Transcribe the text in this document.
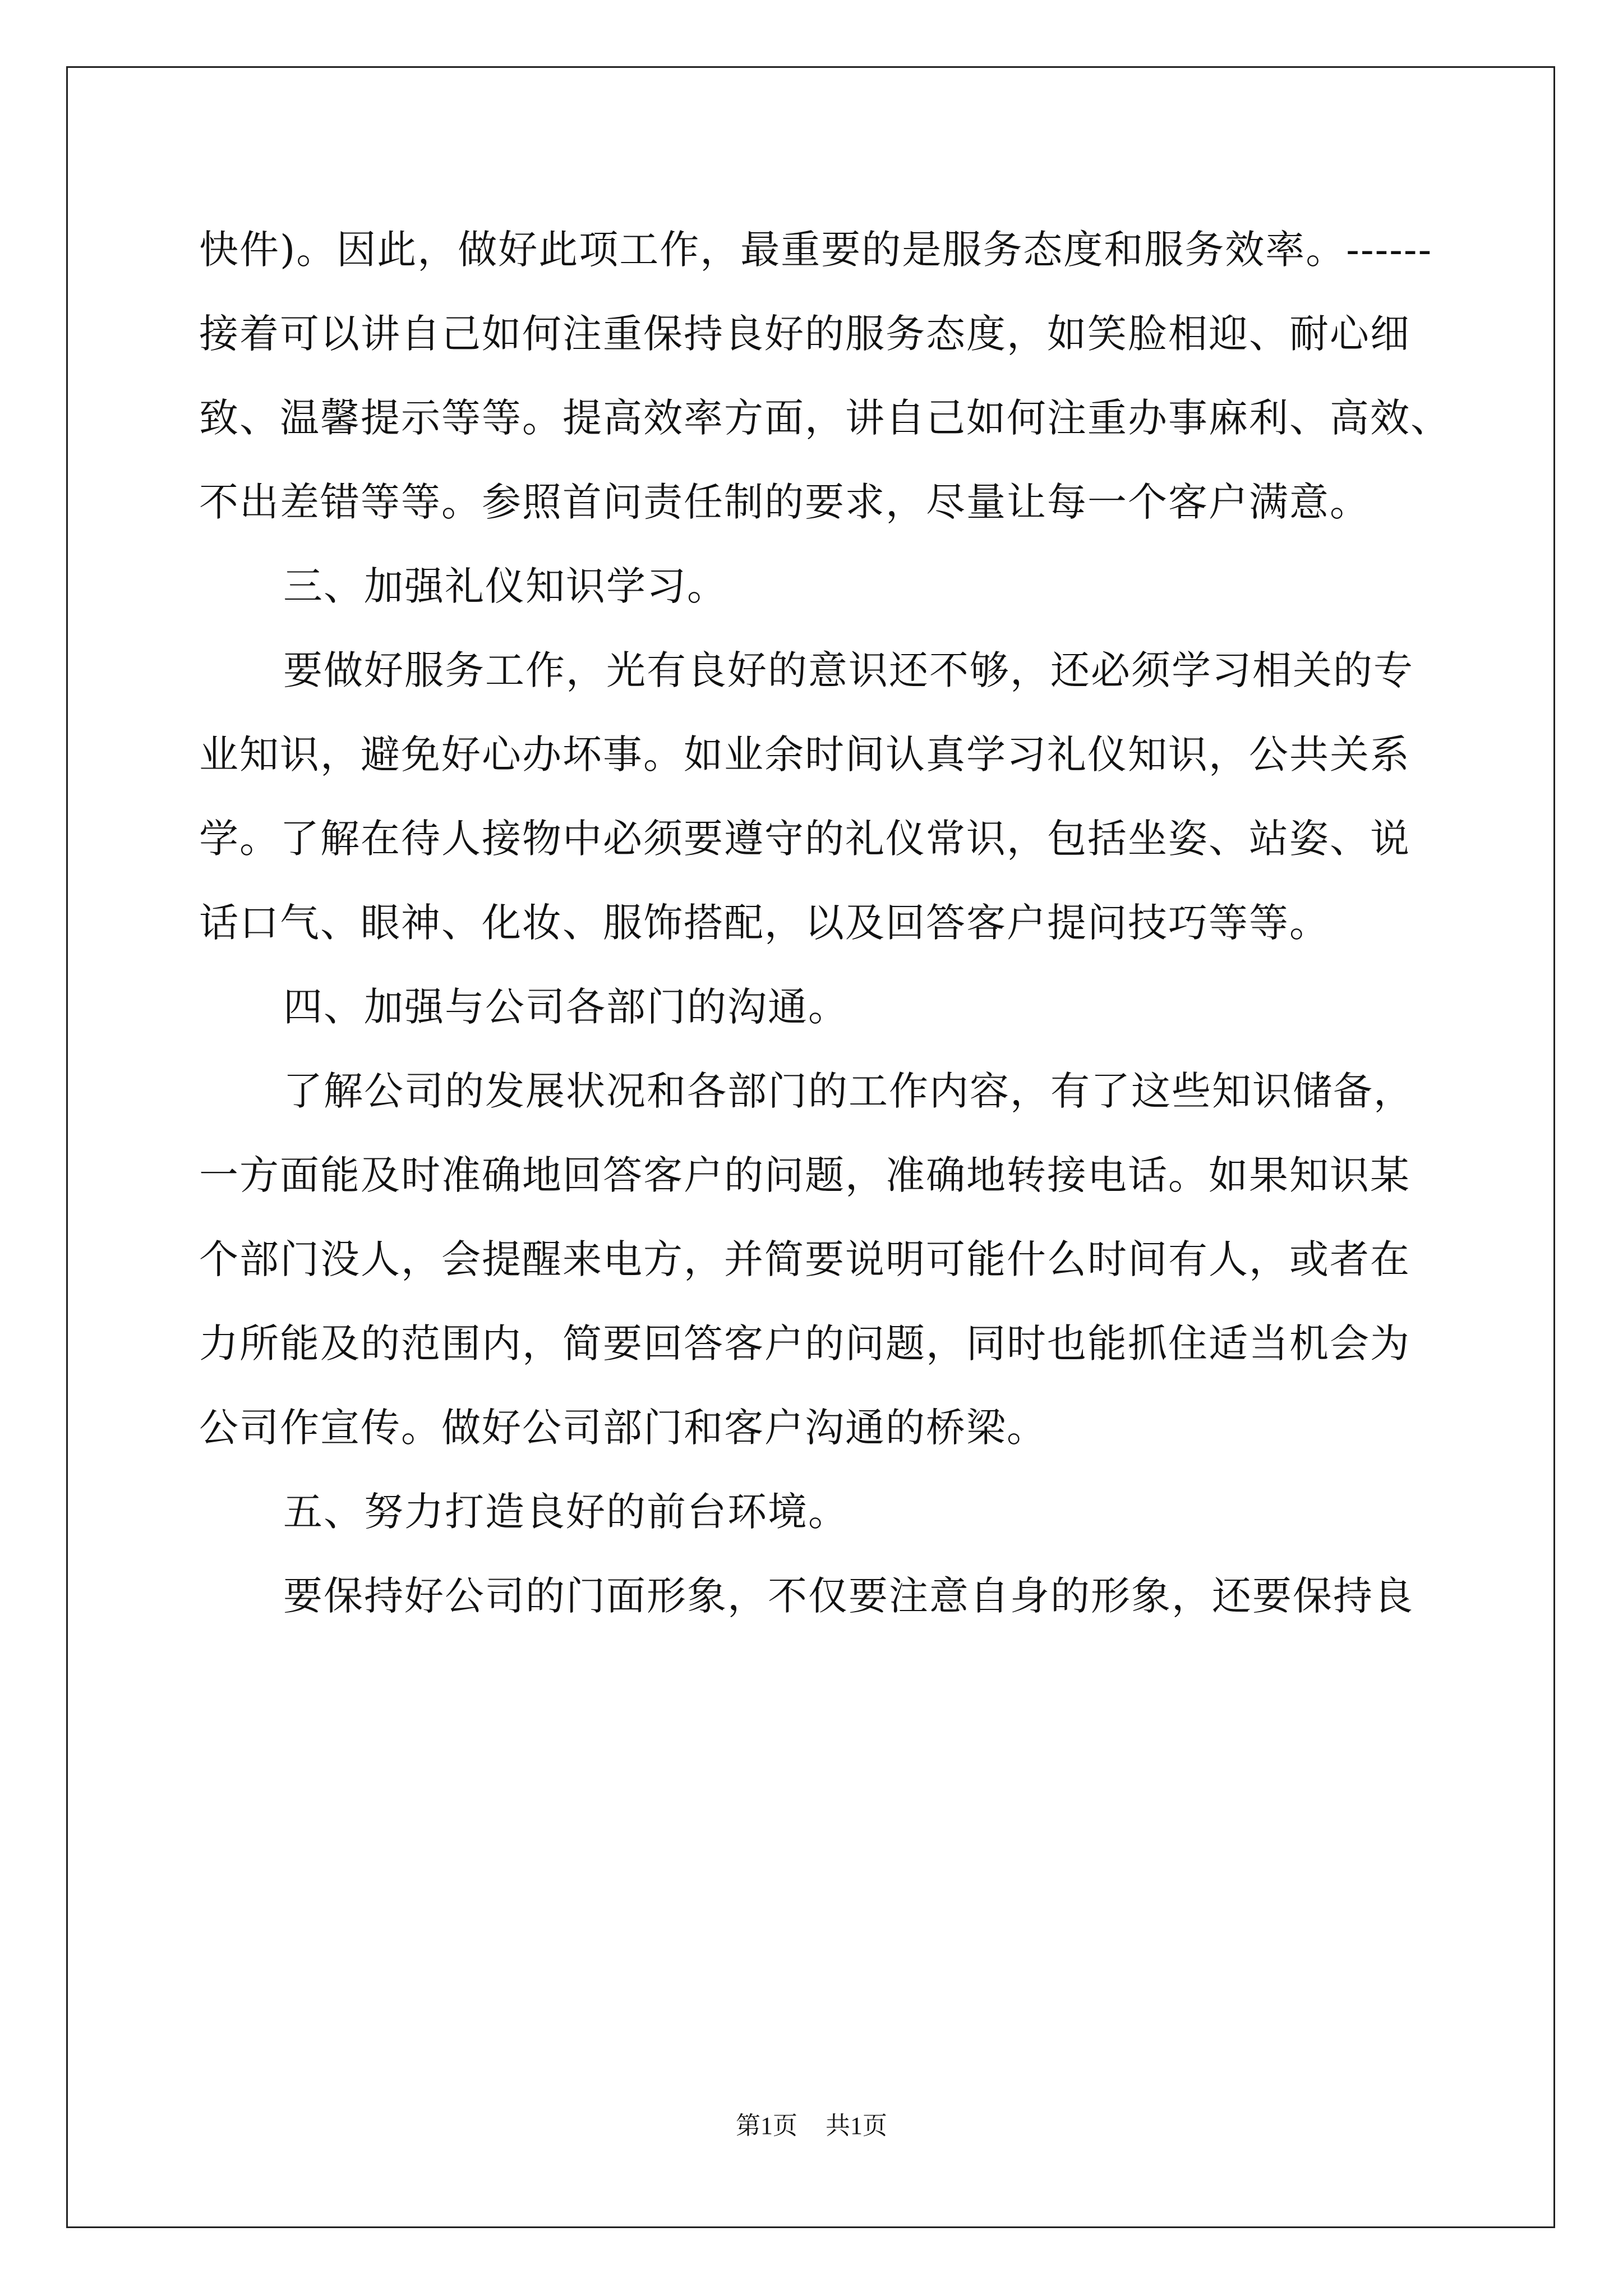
快件)。因此，做好此项工作，最重要的是服务态度和服务效率。------
接着可以讲自己如何注重保持良好的服务态度，如笑脸相迎、耐心细
致、温馨提示等等。提高效率方面，讲自己如何注重办事麻利、高效、
不出差错等等。参照首问责任制的要求，尽量让每一个客户满意。
三、加强礼仪知识学习。
要做好服务工作，光有良好的意识还不够，还必须学习相关的专
业知识，避免好心办坏事。如业余时间认真学习礼仪知识，公共关系
学。了解在待人接物中必须要遵守的礼仪常识，包括坐姿、站姿、说
话口气、眼神、化妆、服饰搭配，以及回答客户提问技巧等等。
四、加强与公司各部门的沟通。
了解公司的发展状况和各部门的工作内容，有了这些知识储备，
一方面能及时准确地回答客户的问题，准确地转接电话。如果知识某
个部门没人，会提醒来电方，并简要说明可能什么时间有人，或者在
力所能及的范围内，简要回答客户的问题，同时也能抓住适当机会为
公司作宣传。做好公司部门和客户沟通的桥梁。
五、努力打造良好的前台环境。
要保持好公司的门面形象，不仅要注意自身的形象，还要保持良
第1页 共1页
